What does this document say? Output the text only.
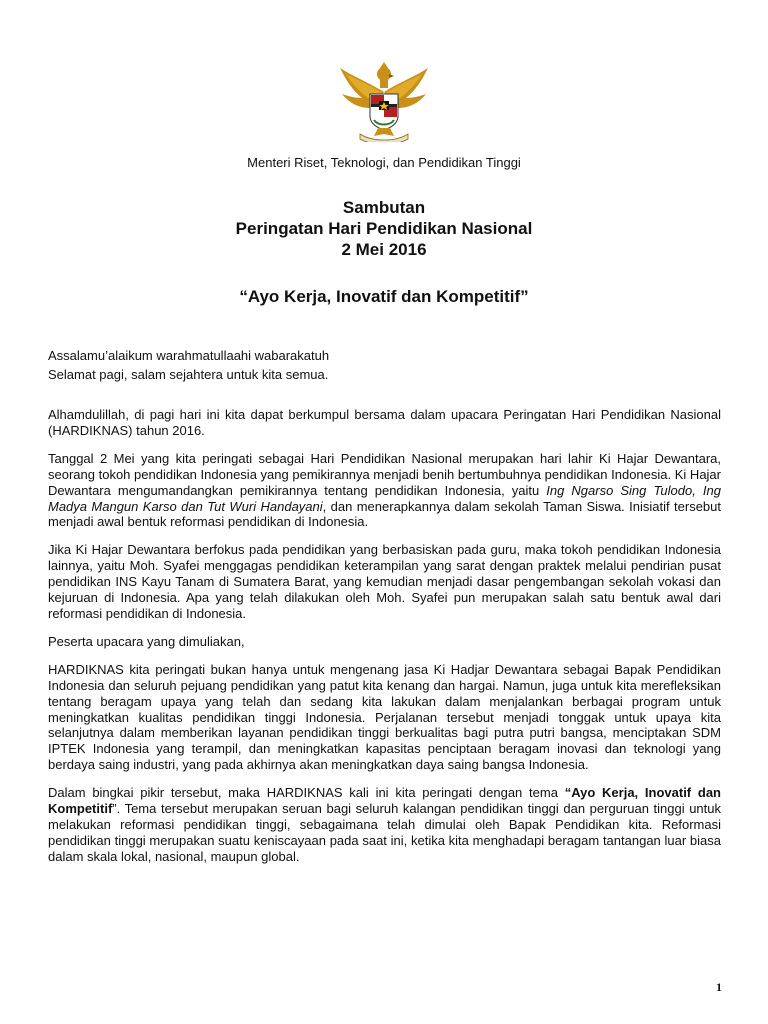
Menteri Riset, Teknologi, dan Pendidikan Tinggi
Sambutan
Peringatan Hari Pendidikan Nasional
2 Mei 2016
“Ayo Kerja, Inovatif dan Kompetitif”
Assalamu’alaikum warahmatullaahi wabarakatuh
Selamat pagi, salam sejahtera untuk kita semua.

Alhamdulillah, di pagi hari ini kita dapat berkumpul bersama dalam upacara Peringatan Hari Pendidikan Nasional (HARDIKNAS) tahun 2016.

Tanggal 2 Mei yang kita peringati sebagai Hari Pendidikan Nasional merupakan hari lahir Ki Hajar Dewantara, seorang tokoh pendidikan Indonesia yang pemikirannya menjadi benih bertumbuhnya pendidikan Indonesia. Ki Hajar Dewantara mengumandangkan pemikirannya tentang pendidikan Indonesia, yaitu Ing Ngarso Sing Tulodo, Ing Madya Mangun Karso dan Tut Wuri Handayani, dan menerapkannya dalam sekolah Taman Siswa. Inisiatif tersebut menjadi awal bentuk reformasi pendidikan di Indonesia.

Jika Ki Hajar Dewantara berfokus pada pendidikan yang berbasiskan pada guru, maka tokoh pendidikan Indonesia lainnya, yaitu Moh. Syafei menggagas pendidikan keterampilan yang sarat dengan praktek melalui pendirian pusat pendidikan INS Kayu Tanam di Sumatera Barat, yang kemudian menjadi dasar pengembangan sekolah vokasi dan kejuruan di Indonesia. Apa yang telah dilakukan oleh Moh. Syafei pun merupakan salah satu bentuk awal dari reformasi pendidikan di Indonesia.

Peserta upacara yang dimuliakan,

HARDIKNAS kita peringati bukan hanya untuk mengenang jasa Ki Hadjar Dewantara sebagai Bapak Pendidikan Indonesia dan seluruh pejuang pendidikan yang patut kita kenang dan hargai. Namun, juga untuk kita merefleksikan tentang beragam upaya yang telah dan sedang kita lakukan dalam menjalankan berbagai program untuk meningkatkan kualitas pendidikan tinggi Indonesia. Perjalanan tersebut menjadi tonggak untuk upaya kita selanjutnya dalam memberikan layanan pendidikan tinggi berkualitas bagi putra putri bangsa, menciptakan SDM IPTEK Indonesia yang terampil, dan meningkatkan kapasitas penciptaan beragam inovasi dan teknologi yang berdaya saing industri, yang pada akhirnya akan meningkatkan daya saing bangsa Indonesia.

Dalam bingkai pikir tersebut, maka HARDIKNAS kali ini kita peringati dengan tema “Ayo Kerja, Inovatif dan Kompetitif”. Tema tersebut merupakan seruan bagi seluruh kalangan pendidikan tinggi dan perguruan tinggi untuk melakukan reformasi pendidikan tinggi, sebagaimana telah dimulai oleh Bapak Pendidikan kita. Reformasi pendidikan tinggi merupakan suatu keniscayaan pada saat ini, ketika kita menghadapi beragam tantangan luar biasa dalam skala lokal, nasional, maupun global.

1
